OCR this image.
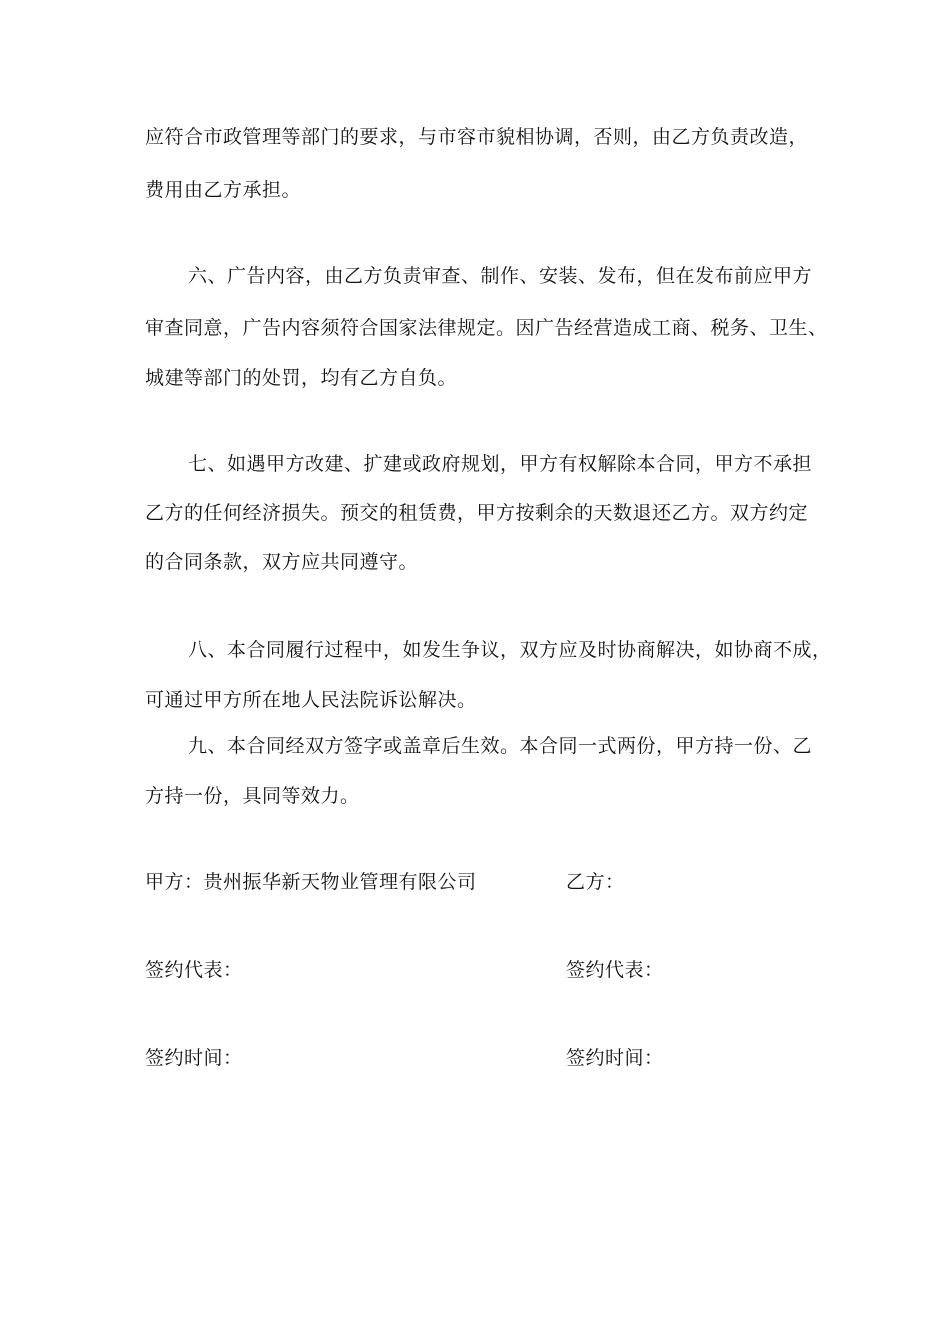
应符合市政管理等部门的要求，与市容市貌相协调，否则，由乙方负责改造，
费用由乙方承担。
六、广告内容，由乙方负责审查、制作、安装、发布，但在发布前应甲方
审查同意，广告内容须符合国家法律规定。因广告经营造成工商、税务、卫生、
城建等部门的处罚，均有乙方自负。
七、如遇甲方改建、扩建或政府规划，甲方有权解除本合同，甲方不承担
乙方的任何经济损失。预交的租赁费，甲方按剩余的天数退还乙方。双方约定
的合同条款，双方应共同遵守。
八、本合同履行过程中，如发生争议，双方应及时协商解决，如协商不成，
可通过甲方所在地人民法院诉讼解决。
九、本合同经双方签字或盖章后生效。本合同一式两份，甲方持一份、乙
方持一份，具同等效力。
甲方：贵州振华新天物业管理有限公司	乙方：
签约代表：	签约代表：
签约时间：	签约时间：
